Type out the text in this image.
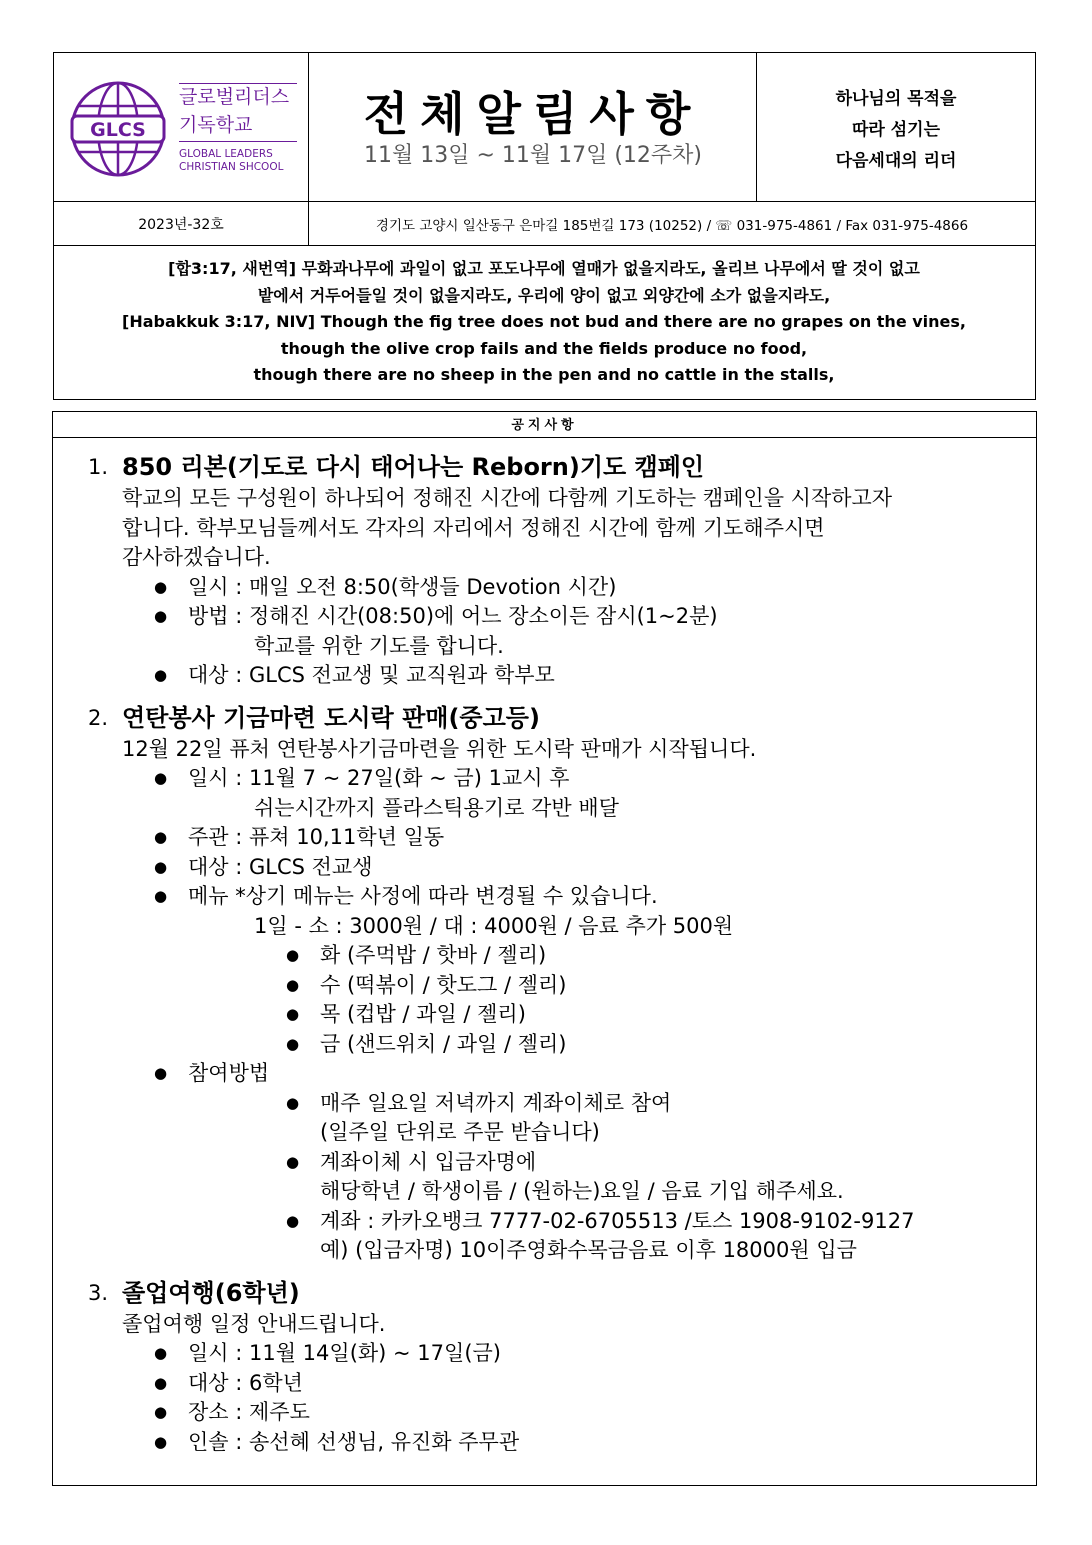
GLCS
글로벌리더스
기독학교
GLOBAL LEADERS
CHRISTIAN SHCOOL
전체알림사항
11월 13일 ~ 11월 17일 (12주차)
하나님의 목적을
따라 섬기는
다음세대의 리더
2023년-32호	경기도 고양시 일산동구 은마길 185번길 173 (10252) / ☏ 031-975-4861 / Fax 031-975-4866
[합3:17, 새번역] 무화과나무에 과일이 없고 포도나무에 열매가 없을지라도, 올리브 나무에서 딸 것이 없고
밭에서 거두어들일 것이 없을지라도, 우리에 양이 없고 외양간에 소가 없을지라도,
[Habakkuk 3:17, NIV] Though the fig tree does not bud and there are no grapes on the vines,
though the olive crop fails and the fields produce no food,
though there are no sheep in the pen and no cattle in the stalls,
공지사항
1. 850 리본(기도로 다시 태어나는 Reborn)기도 캠페인
학교의 모든 구성원이 하나되어 정해진 시간에 다함께 기도하는 캠페인을 시작하고자
합니다. 학부모님들께서도 각자의 자리에서 정해진 시간에 함께 기도해주시면
감사하겠습니다.
● 일시 : 매일 오전 8:50(학생들 Devotion 시간)
● 방법 : 정해진 시간(08:50)에 어느 장소이든 잠시(1~2분)
학교를 위한 기도를 합니다.
● 대상 : GLCS 전교생 및 교직원과 학부모
2. 연탄봉사 기금마련 도시락 판매(중고등)
12월 22일 퓨처 연탄봉사기금마련을 위한 도시락 판매가 시작됩니다.
● 일시 : 11월 7 ~ 27일(화 ~ 금) 1교시 후
쉬는시간까지 플라스틱용기로 각반 배달
● 주관 : 퓨쳐 10,11학년 일동
● 대상 : GLCS 전교생
● 메뉴 *상기 메뉴는 사정에 따라 변경될 수 있습니다.
1일 - 소 : 3000원 / 대 : 4000원 / 음료 추가 500원
● 화 (주먹밥 / 핫바 / 젤리)
● 수 (떡볶이 / 핫도그 / 젤리)
● 목 (컵밥 / 과일 / 젤리)
● 금 (샌드위치 / 과일 / 젤리)
● 참여방법
● 매주 일요일 저녁까지 계좌이체로 참여
(일주일 단위로 주문 받습니다)
● 계좌이체 시 입금자명에
해당학년 / 학생이름 / (원하는)요일 / 음료 기입 해주세요.
● 계좌 : 카카오뱅크 7777-02-6705513 /토스 1908-9102-9127
예) (입금자명) 10이주영화수목금음료 이후 18000원 입금
3. 졸업여행(6학년)
졸업여행 일정 안내드립니다.
● 일시 : 11월 14일(화) ~ 17일(금)
● 대상 : 6학년
● 장소 : 제주도
● 인솔 : 송선혜 선생님, 유진화 주무관
